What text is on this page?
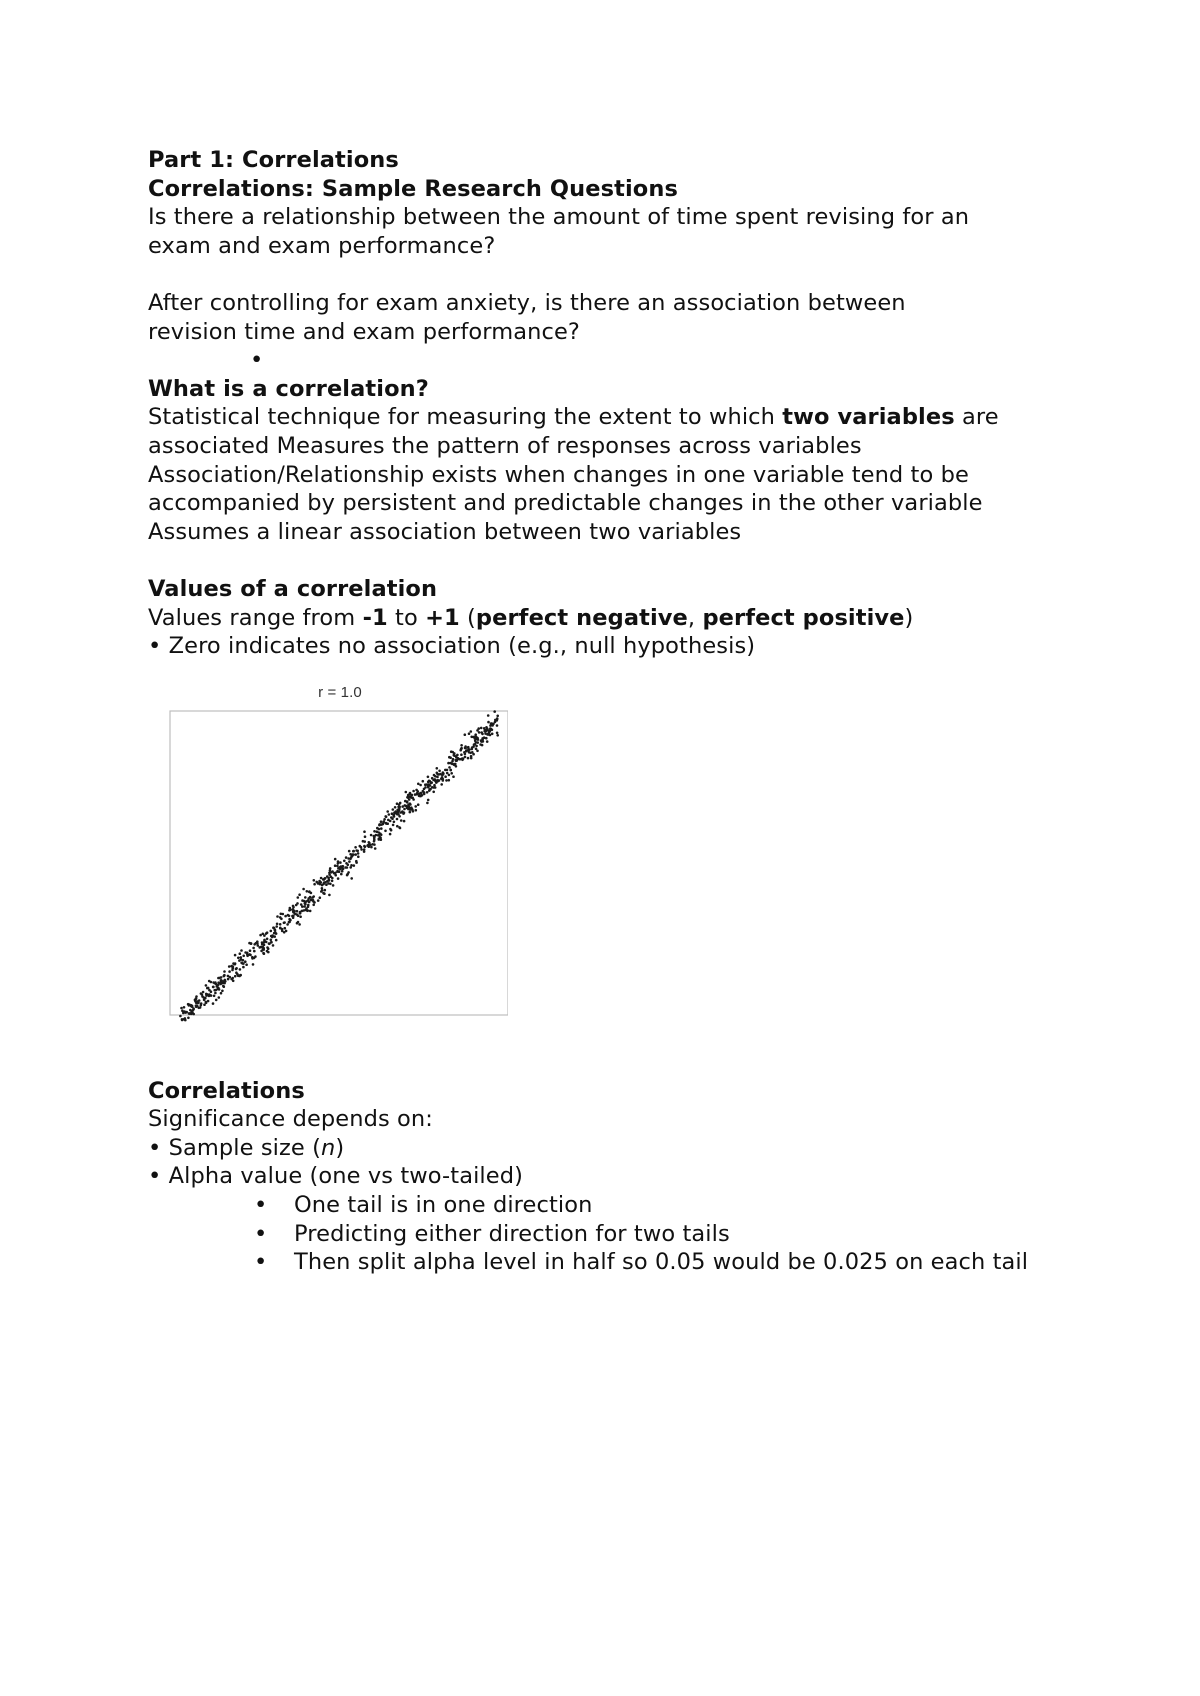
Part 1: Correlations
Correlations: Sample Research Questions
Is there a relationship between the amount of time spent revising for an
exam and exam performance?
After controlling for exam anxiety, is there an association between
revision time and exam performance?
•
What is a correlation?
Statistical technique for measuring the extent to which two variables are
associated Measures the pattern of responses across variables
Association/Relationship exists when changes in one variable tend to be
accompanied by persistent and predictable changes in the other variable
Assumes a linear association between two variables
Values of a correlation
Values range from -1 to +1 (perfect negative, perfect positive)
• Zero indicates no association (e.g., null hypothesis)
r = 1.0
Correlations
Significance depends on:
• Sample size (n)
• Alpha value (one vs two-tailed)
• One tail is in one direction
• Predicting either direction for two tails
• Then split alpha level in half so 0.05 would be 0.025 on each tail
